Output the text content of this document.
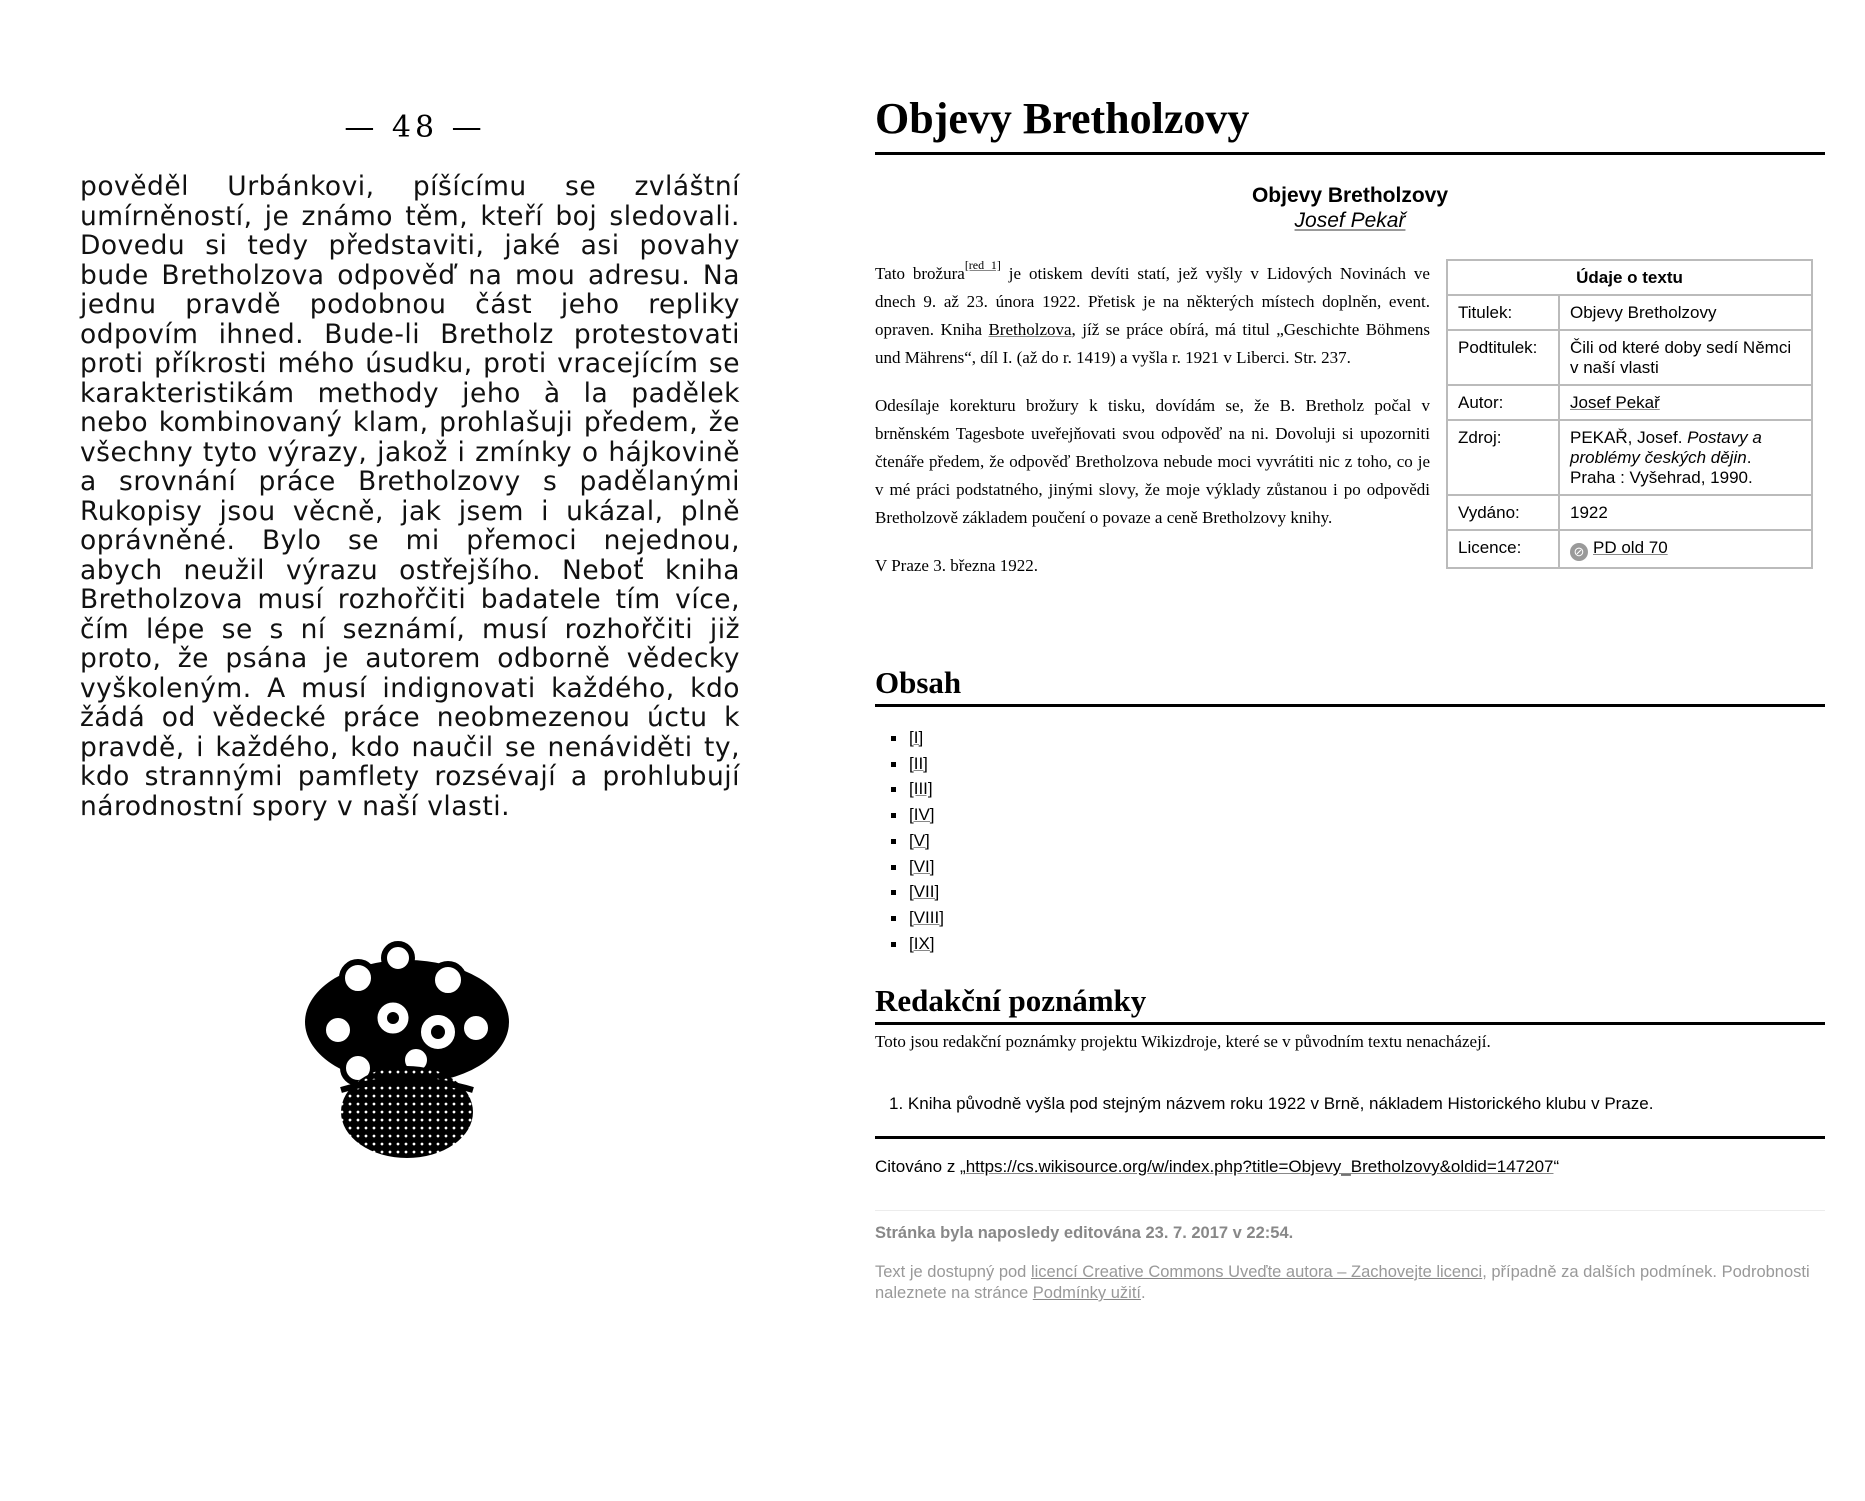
— 48 —

pověděl Urbánkovi, píšícímu se zvláštní umírněností, je známo těm, kteří boj sledovali. Dovedu si tedy představiti, jaké asi povahy bude Bretholzova odpověď na mou adresu. Na jednu pravdě podobnou část jeho repliky odpovím ihned. Bude-li Bretholz protestovati proti příkrosti mého úsudku, proti vracejícím se karakteristikám methody jeho à la padělek nebo kombinovaný klam, prohlašuji předem, že všechny tyto výrazy, jakož i zmínky o hájkovině a srovnání práce Bretholzovy s padělanými Rukopisy jsou věcně, jak jsem i ukázal, plně oprávněné. Bylo se mi přemoci nejednou, abych neužil výrazu ostřejšího. Neboť kniha Bretholzova musí rozhořčiti badatele tím více, čím lépe se s ní seznámí, musí rozhořčiti již proto, že psána je autorem odborně vědecky vyškoleným. A musí indignovati každého, kdo žádá od vědecké práce neobmezenou úctu k pravdě, i každého, kdo naučil se nenáviděti ty, kdo strannými pamflety rozsévají a prohlubují národnostní spory v naší vlasti.

Objevy Bretholzovy
Objevy Bretholzovy
Josef Pekař

Tato brožura[red 1] je otiskem devíti statí, jež vyšly v Lidových Novinách ve dnech 9. až 23. února 1922. Přetisk je na některých místech doplněn, event. opraven. Kniha Bretholzova, jíž se práce obírá, má titul „Geschichte Böhmens und Mährens“, díl I. (až do r. 1419) a vyšla r. 1921 v Liberci. Str. 237.

Odesílaje korekturu brožury k tisku, dovídám se, že B. Bretholz počal v brněnském Tagesbote uveřejňovati svou odpověď na ni. Dovoluji si upozorniti čtenáře předem, že odpověď Bretholzova nebude moci vyvrátiti nic z toho, co je v mé práci podstatného, jinými slovy, že moje výklady zůstanou i po odpovědi Bretholzově základem poučení o povaze a ceně Bretholzovy knihy.

V Praze 3. března 1922.

Údaje o textu	
Titulek:	Objevy Bretholzovy
Podtitulek:	Čili od které doby sedí Němci v naší vlasti
Autor:	Josef Pekař
Zdroj:	PEKAŘ, Josef. Postavy a problémy českých dějin. Praha : Vyšehrad, 1990.
Vydáno:	1922
Licence:	⊘ PD old 70
Obsah
[I]
[II]
[III]
[IV]
[V]
[VI]
[VII]
[VIII]
[IX]
Redakční poznámky
Toto jsou redakční poznámky projektu Wikizdroje, které se v původním textu nenacházejí.
1. Kniha původně vyšla pod stejným názvem roku 1922 v Brně, nákladem Historického klubu v Praze.
Citováno z „https://cs.wikisource.org/w/index.php?title=Objevy_Bretholzovy&oldid=147207“
Stránka byla naposledy editována 23. 7. 2017 v 22:54.
Text je dostupný pod licencí Creative Commons Uveďte autora – Zachovejte licenci, případně za dalších podmínek. Podrobnosti naleznete na stránce Podmínky užití.
